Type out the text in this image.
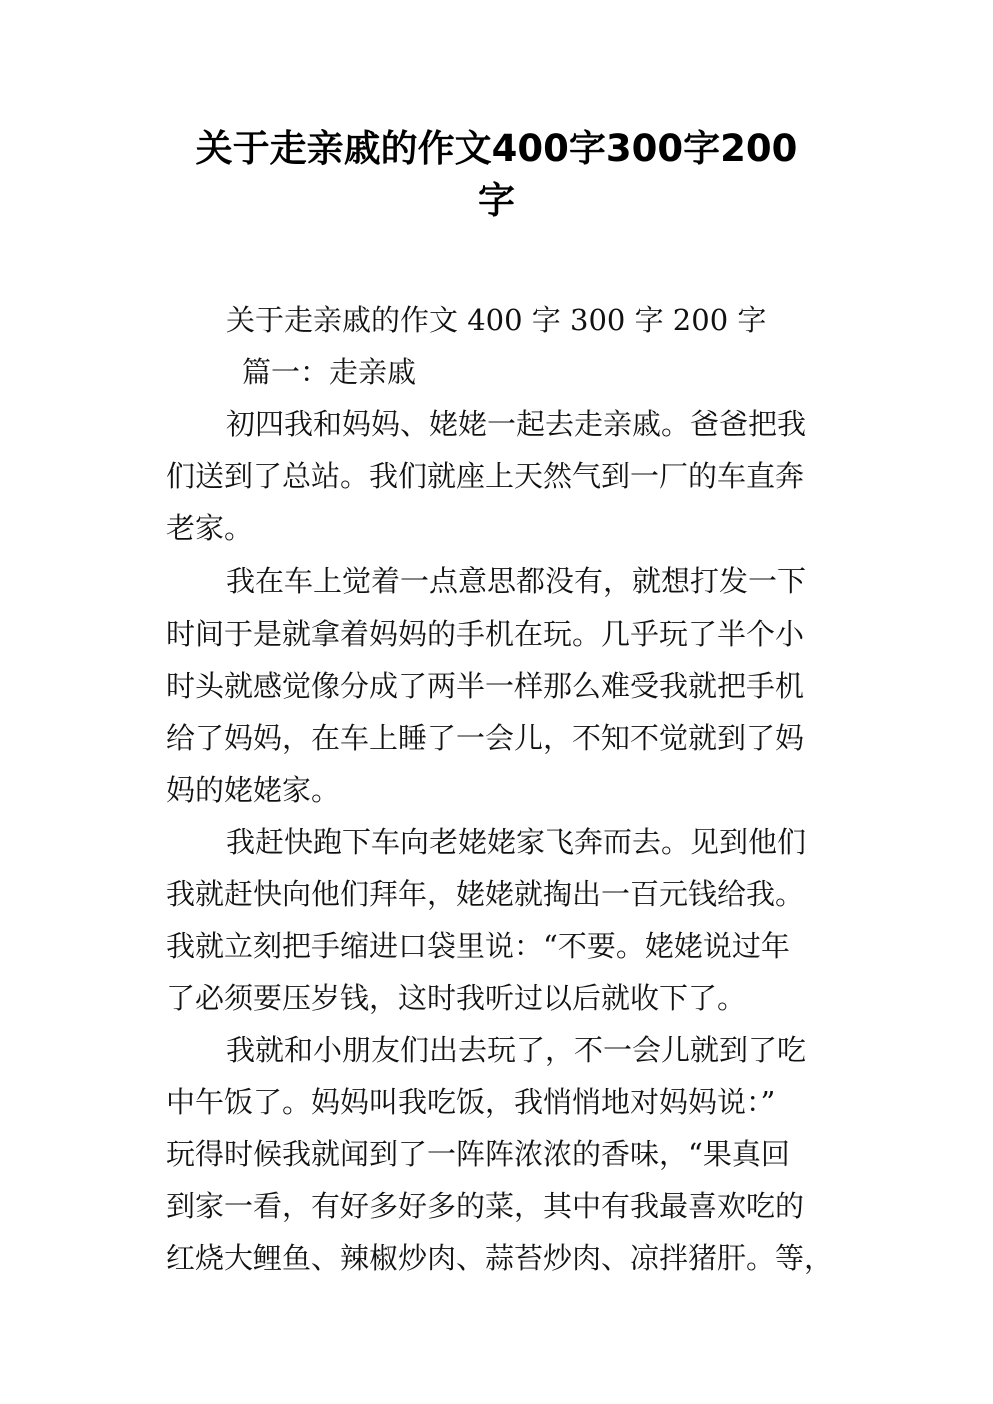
关于走亲戚的作文400字300字200
字
关于走亲戚的作文 400 字 300 字 200 字
篇一：走亲戚
初四我和妈妈、姥姥一起去走亲戚。爸爸把我
们送到了总站。我们就座上天然气到一厂的车直奔
老家。
我在车上觉着一点意思都没有，就想打发一下
时间于是就拿着妈妈的手机在玩。几乎玩了半个小
时头就感觉像分成了两半一样那么难受我就把手机
给了妈妈，在车上睡了一会儿，不知不觉就到了妈
妈的姥姥家。
我赶快跑下车向老姥姥家飞奔而去。见到他们
我就赶快向他们拜年，姥姥就掏出一百元钱给我。
我就立刻把手缩进口袋里说：“不要。姥姥说过年
了必须要压岁钱，这时我听过以后就收下了。
我就和小朋友们出去玩了，不一会儿就到了吃
中午饭了。妈妈叫我吃饭，我悄悄地对妈妈说：”
玩得时候我就闻到了一阵阵浓浓的香味，“果真回
到家一看，有好多好多的菜，其中有我最喜欢吃的
红烧大鲤鱼、辣椒炒肉、蒜苔炒肉、凉拌猪肝。等，
